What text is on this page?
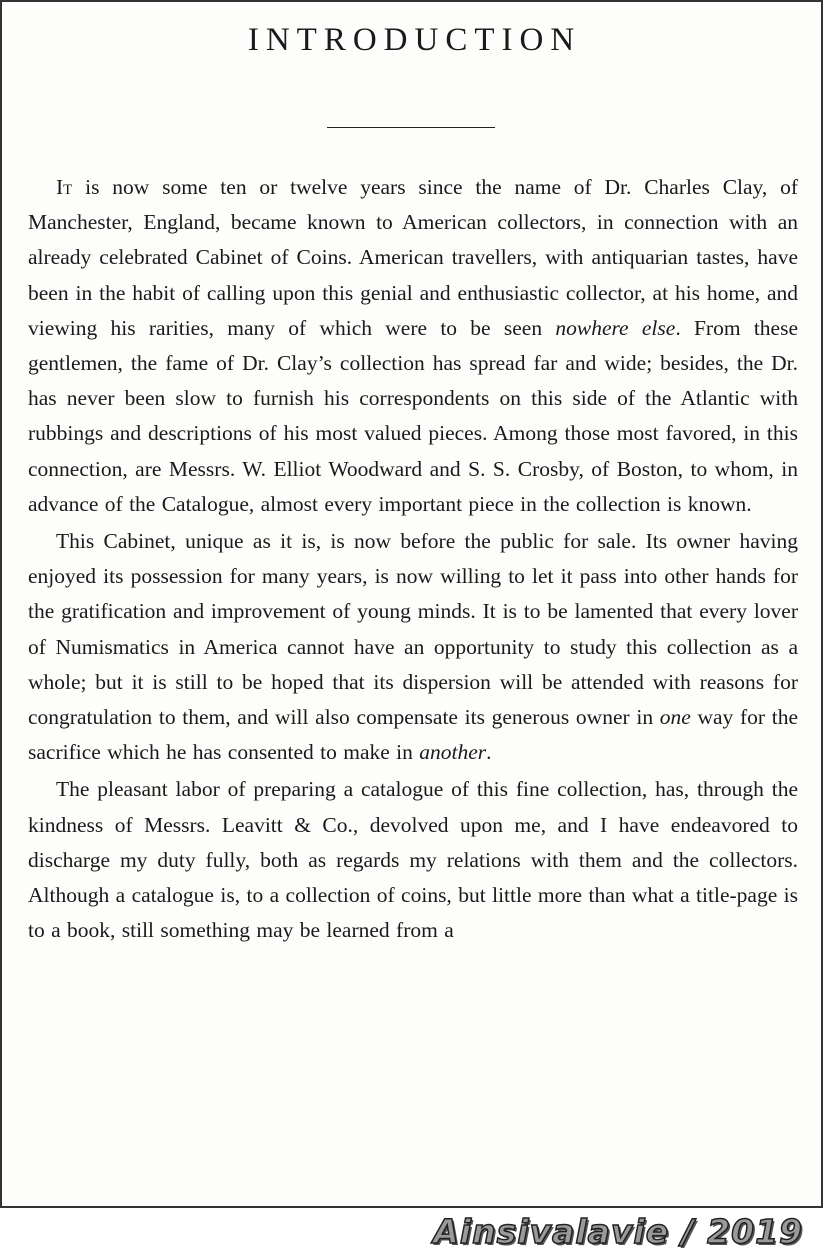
INTRODUCTION

It is now some ten or twelve years since the name of Dr. Charles Clay, of Manchester, England, became known to American collectors, in connection with an already celebrated Cabinet of Coins. American travellers, with antiquarian tastes, have been in the habit of calling upon this genial and enthusiastic collector, at his home, and viewing his rarities, many of which were to be seen nowhere else. From these gentlemen, the fame of Dr. Clay’s collection has spread far and wide; besides, the Dr. has never been slow to furnish his correspondents on this side of the Atlantic with rubbings and descriptions of his most valued pieces. Among those most favored, in this connection, are Messrs. W. Elliot Woodward and S. S. Crosby, of Boston, to whom, in advance of the Catalogue, almost every important piece in the collection is known.

This Cabinet, unique as it is, is now before the public for sale. Its owner having enjoyed its possession for many years, is now willing to let it pass into other hands for the gratification and improvement of young minds. It is to be lamented that every lover of Numismatics in America cannot have an opportunity to study this collection as a whole; but it is still to be hoped that its dispersion will be attended with reasons for congratulation to them, and will also compensate its generous owner in one way for the sacrifice which he has consented to make in another.

The pleasant labor of preparing a catalogue of this fine collection, has, through the kindness of Messrs. Leavitt & Co., devolved upon me, and I have endeavored to discharge my duty fully, both as regards my relations with them and the collectors. Although a catalogue is, to a collection of coins, but little more than what a title-page is to a book, still something may be learned from a

Ainsivalavie / 2019
